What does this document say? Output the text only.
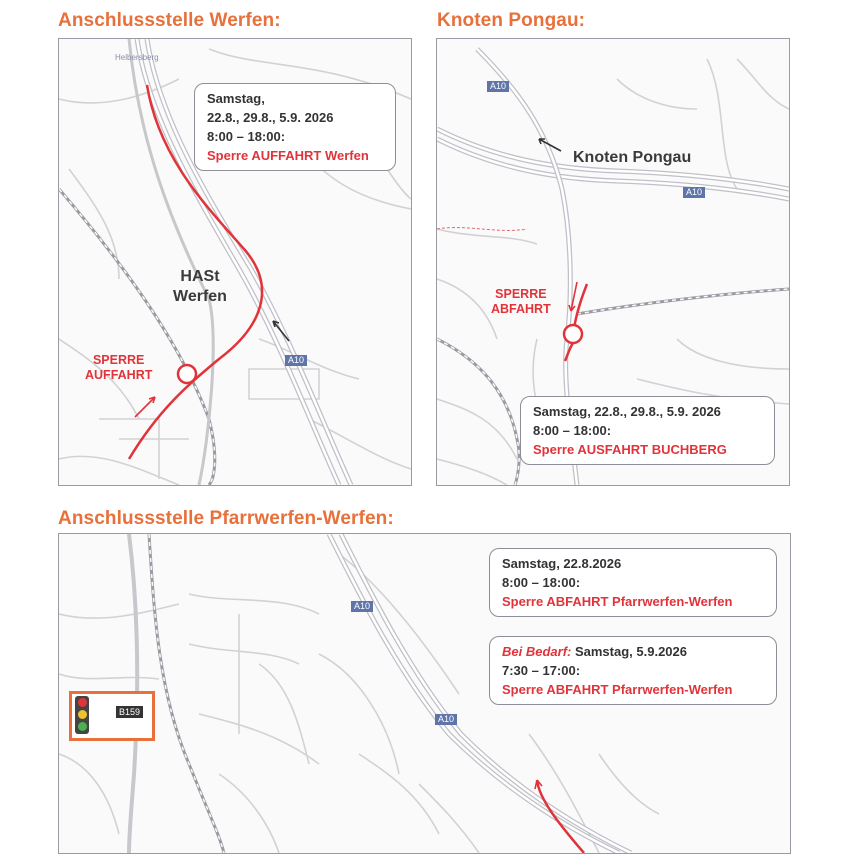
Anschlussstelle Werfen:	Knoten Pongau:
Anschlussstelle Pfarrwerfen-Werfen:
Helbersberg
Samstag,
22.8., 29.8., 5.9. 2026
8:00 – 18:00:
Sperre AUFFAHRT Werfen
HASt
Werfen
SPERRE
AUFFAHRT
A10
A10
A10
Knoten Pongau
SPERRE
ABFAHRT
Samstag, 22.8., 29.8., 5.9. 2026
8:00 – 18:00:
Sperre AUSFAHRT BUCHBERG
A10
A10
B159
Samstag, 22.8.2026
8:00 – 18:00:
Sperre ABFAHRT Pfarrwerfen-Werfen
Bei Bedarf: Samstag, 5.9.2026
7:30 – 17:00:
Sperre ABFAHRT Pfarrwerfen-Werfen
